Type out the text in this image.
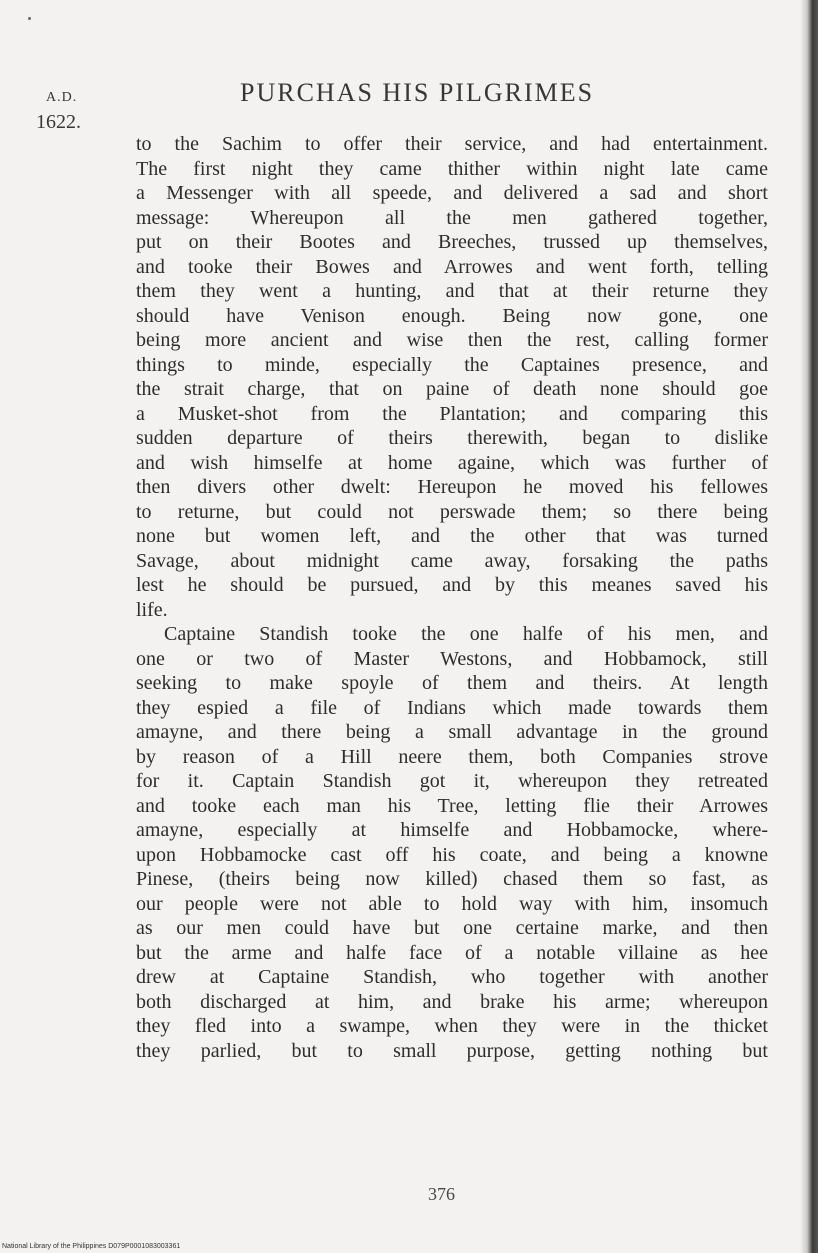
A.D.
1622.
PURCHAS HIS PILGRIMES
to the Sachim to offer their service, and had entertainment.
The first night they came thither within night late came
a Messenger with all speede, and delivered a sad and short
message: Whereupon all the men gathered together,
put on their Bootes and Breeches, trussed up themselves,
and tooke their Bowes and Arrowes and went forth, telling
them they went a hunting, and that at their returne they
should have Venison enough. Being now gone, one
being more ancient and wise then the rest, calling former
things to minde, especially the Captaines presence, and
the strait charge, that on paine of death none should goe
a Musket-shot from the Plantation; and comparing this
sudden departure of theirs therewith, began to dislike
and wish himselfe at home againe, which was further of
then divers other dwelt: Hereupon he moved his fellowes
to returne, but could not perswade them; so there being
none but women left, and the other that was turned
Savage, about midnight came away, forsaking the paths
lest he should be pursued, and by this meanes saved his
life.
Captaine Standish tooke the one halfe of his men, and
one or two of Master Westons, and Hobbamock, still
seeking to make spoyle of them and theirs. At length
they espied a file of Indians which made towards them
amayne, and there being a small advantage in the ground
by reason of a Hill neere them, both Companies strove
for it. Captain Standish got it, whereupon they retreated
and tooke each man his Tree, letting flie their Arrowes
amayne, especially at himselfe and Hobbamocke, where-
upon Hobbamocke cast off his coate, and being a knowne
Pinese, (theirs being now killed) chased them so fast, as
our people were not able to hold way with him, insomuch
as our men could have but one certaine marke, and then
but the arme and halfe face of a notable villaine as hee
drew at Captaine Standish, who together with another
both discharged at him, and brake his arme; whereupon
they fled into a swampe, when they were in the thicket
they parlied, but to small purpose, getting nothing but
376
National Library of the Philippines D079P0001083003361
